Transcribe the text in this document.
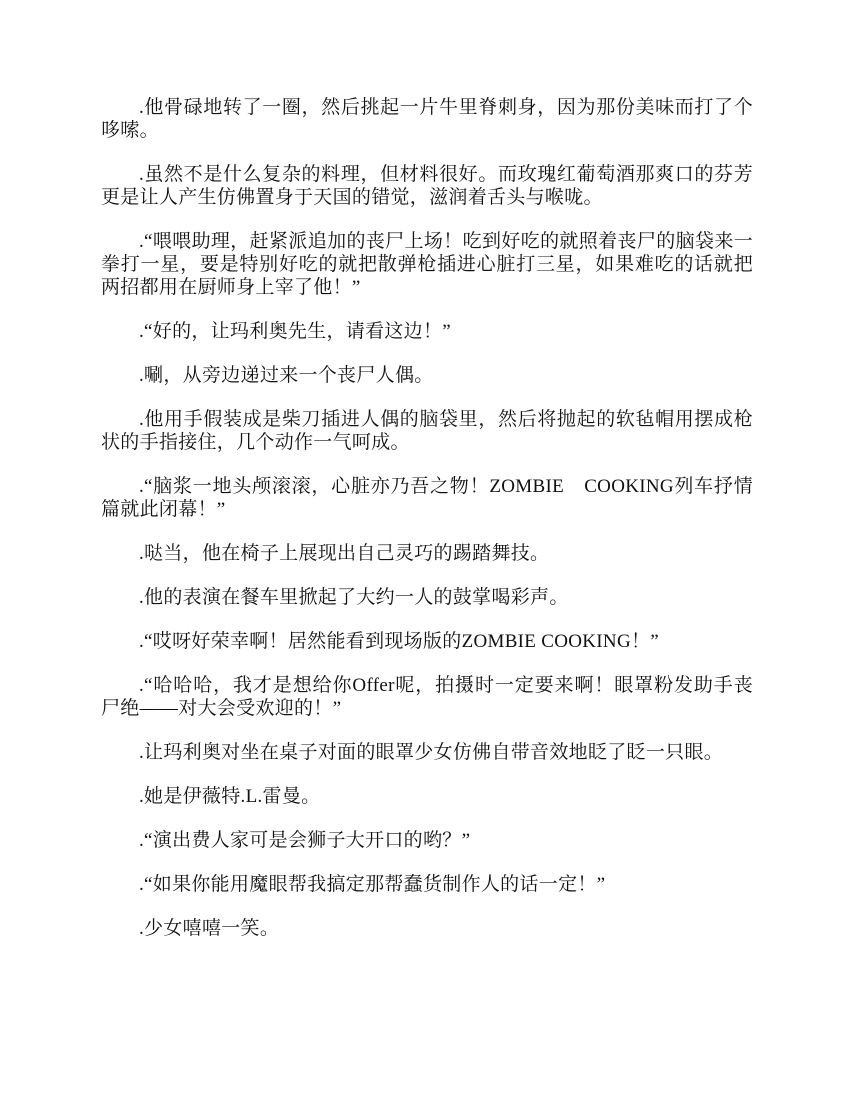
.他骨碌地转了一圈，然后挑起一片牛里脊刺身，因为那份美味而打了个哆嗦。

.虽然不是什么复杂的料理，但材料很好。而玫瑰红葡萄酒那爽口的芬芳更是让人产生仿佛置身于天国的错觉，滋润着舌头与喉咙。

.“喂喂助理，赶紧派追加的丧尸上场！吃到好吃的就照着丧尸的脑袋来一拳打一星，要是特别好吃的就把散弹枪插进心脏打三星，如果难吃的话就把两招都用在厨师身上宰了他！”

.“好的，让玛利奥先生，请看这边！”

.唰，从旁边递过来一个丧尸人偶。

.他用手假装成是柴刀插进人偶的脑袋里，然后将抛起的软毡帽用摆成枪状的手指接住，几个动作一气呵成。

.“脑浆一地头颅滚滚，心脏亦乃吾之物！ZOMBIE　COOKING列车抒情篇就此闭幕！”

.哒当，他在椅子上展现出自己灵巧的踢踏舞技。

.他的表演在餐车里掀起了大约一人的鼓掌喝彩声。

.“哎呀好荣幸啊！居然能看到现场版的ZOMBIE COOKING！”

.“哈哈哈，我才是想给你Offer呢，拍摄时一定要来啊！眼罩粉发助手丧尸绝——对大会受欢迎的！”

.让玛利奥对坐在桌子对面的眼罩少女仿佛自带音效地眨了眨一只眼。

.她是伊薇特.L.雷曼。

.“演出费人家可是会狮子大开口的哟？”

.“如果你能用魔眼帮我搞定那帮蠢货制作人的话一定！”

.少女嘻嘻一笑。
